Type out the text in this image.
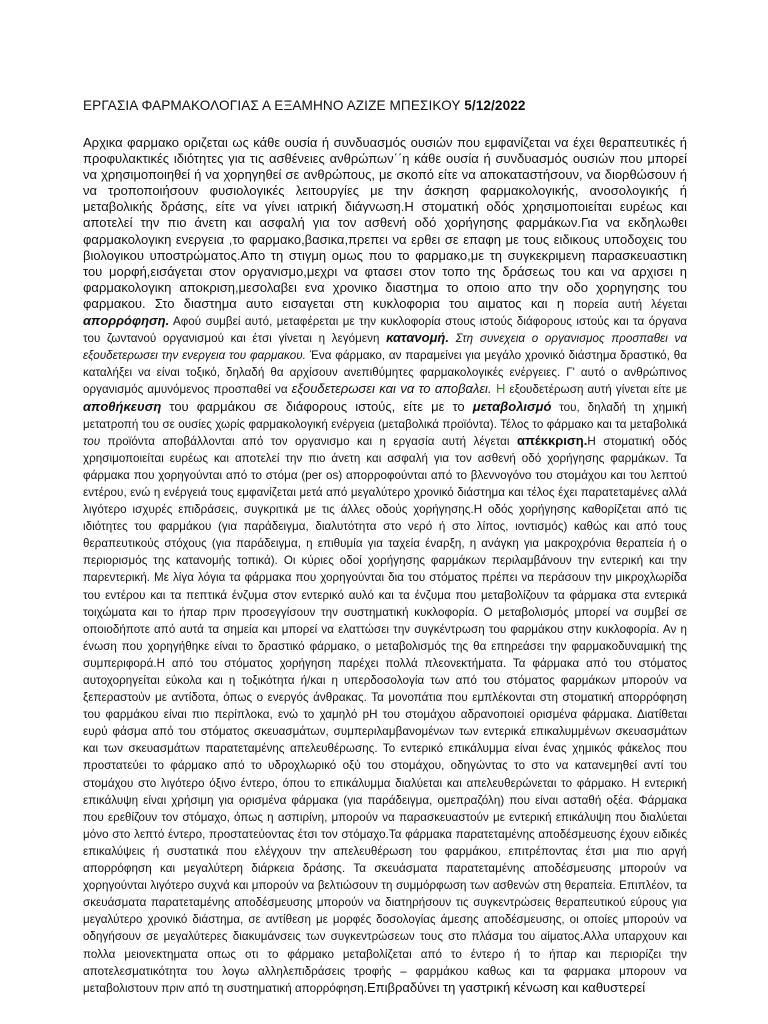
ΕΡΓΑΣΙΑ ΦΑΡΜΑΚΟΛΟΓΙΑΣ Α ΕΞΑΜΗΝΟ ΑΖΙΖΕ ΜΠΕΣΙΚΟΥ 5/12/2022
Αρχικα φαρμακο οριζεται ως κάθε ουσία ή συνδυασμός ουσιών που εμφανίζεται να έχει θεραπευτικές ή προφυλακτικές ιδιότητες για τις ασθένειες ανθρώπων΄΄η κάθε ουσία ή συνδυασμός ουσιών που μπορεί να χρησιμοποιηθεί ή να χορηγηθεί σε ανθρώπους, με σκοπό είτε να αποκαταστήσουν, να διορθώσουν ή να τροποποιήσουν φυσιολογικές λειτουργίες με την άσκηση φαρμακολογικής, ανοσολογικής ή μεταβολικής δράσης, είτε να γίνει ιατρική διάγνωση.Η στοματική οδός χρησιμοποιείται ευρέως και αποτελεί την πιο άνετη και ασφαλή για τον ασθενή οδό χορήγησης φαρμάκων.Για να εκδηλωθει φαρμακολογικη ενεργεια ,το φαρμακο,βασικα,πρεπει να ερθει σε επαφη με τους ειδικους υποδοχεις του βιολογικου υποστρώματος.Απο τη στιγμη ομως που το φαρμακο,με τη συγκεκριμενη παρασκευαστικη του μορφή,εισάγεται στον οργανισμο,μεχρι να φτασει στον τοπο της δράσεως του και να αρχισει η φαρμακολογικη αποκριση,μεσολαβει ενα χρονικο διαστημα το οποιο απο την οδο χορηγησης του φαρμακου. Στο διαστημα αυτο εισαγεται στη κυκλοφορια του αιματος και η πορεία αυτή λέγεται απορρόφηση. Αφού συμβεί αυτό, μεταφέρεται με την κυκλοφορία στους ιστούς διάφορους ιστούς και τα όργανα του ζωντανού οργανισμού και έτσι γίνεται η λεγόμενη κατανομή. Στη συνεχεια ο οργανισμος προσπαθει να εξουδετερωσει την ενεργεια του φαρμακου. Ένα φάρμακο, αν παραμείνει για μεγάλο χρονικό διάστημα δραστικό, θα καταλήξει να είναι τοξικό, δηλαδή θα αρχίσουν ανεπιθύμητες φαρμακολογικές ενέργειες. Γ' αυτό ο ανθρώπινος οργανισμός αμυνόμενος προσπαθεί να εξουδετερωσει και να το αποβαλει. Η εξουδετέρωση αυτή γίνεται είτε με αποθήκευση του φαρμάκου σε διάφορους ιστούς, είτε με το μεταβολισμό του, δηλαδή τη χημική μετατροπή του σε ουσίες χωρίς φαρμακολογική ενέργεια (μεταβολικά προϊόντα). Τέλος το φάρμακο και τα μεταβολικά του προϊόντα αποβάλλονται από τον οργανισμο και η εργασία αυτή λέγεται απέκκριση.Η στοματική οδός χρησιμοποιείται ευρέως και αποτελεί την πιο άνετη και ασφαλή για τον ασθενή οδό χορήγησης φαρμάκων. Τα φάρμακα που χορηγούνται από το στόμα (per os) απορροφούνται από το βλεννογόνο του στομάχου και του λεπτού εντέρου, ενώ η ενέργειά τους εμφανίζεται μετά από μεγαλύτερο χρονικό διάστημα και τέλος έχει παρατεταμένες αλλά λιγότερο ισχυρές επιδράσεις, συγκριτικά με τις άλλες οδούς χορήγησης.Η οδός χορήγησης καθορίζεται από τις ιδιότητες του φαρμάκου (για παράδειγμα, διαλυτότητα στο νερό ή στο λίπος, ιοντισμός) καθώς και από τους θεραπευτικούς στόχους (για παράδειγμα, η επιθυμία για ταχεία έναρξη, η ανάγκη για μακροχρόνια θεραπεία ή ο περιορισμός της κατανομής τοπικά). Οι κύριες οδοί χορήγησης φαρμάκων περιλαμβάνουν την εντερική και την παρεντερική. Με λίγα λόγια τα φάρμακα που χορηγούνται δια του στόματος πρέπει να περάσουν την μικροχλωρίδα του εντέρου και τα πεπτικά ένζυμα στον εντερικό αυλό και τα ένζυμα που μεταβολίζουν τα φάρμακα στα εντερικά τοιχώματα και το ήπαρ πριν προσεγγίσουν την συστηματική κυκλοφορία. Ο μεταβολισμός μπορεί να συμβεί σε οποιοδήποτε από αυτά τα σημεία και μπορεί να ελαττώσει την συγκέντρωση του φαρμάκου στην κυκλοφορία. Αν η ένωση που χορηγήθηκε είναι το δραστικό φάρμακο, ο μεταβολισμός της θα επηρεάσει την φαρμακοδυναμική της συμπεριφορά.Η από του στόματος χορήγηση παρέχει πολλά πλεονεκτήματα. Τα φάρμακα από του στόματος αυτοχορηγείται εύκολα και η τοξικότητα ή/και η υπερδοσολογία των από του στόματος φαρμάκων μπορούν να ξεπεραστούν με αντίδοτα, όπως ο ενεργός άνθρακας. Τα μονοπάτια που εμπλέκονται στη στοματική απορρόφηση του φαρμάκου είναι πιο περίπλοκα, ενώ το χαμηλό pH του στομάχου αδρανοποιεί ορισμένα φάρμακα. Διατίθεται ευρύ φάσμα από του στόματος σκευασμάτων, συμπεριλαμβανομένων των εντερικά επικαλυμμένων σκευασμάτων και των σκευασμάτων παρατεταμένης απελευθέρωσης. Το εντερικό επικάλυμμα είναι ένας χημικός φάκελος που προστατεύει το φάρμακο από το υδροχλωρικό οξύ του στομάχου, οδηγώντας το στο να κατανεμηθεί αντί του στομάχου στο λιγότερο όξινο έντερο, όπου το επικάλυμμα διαλύεται και απελευθερώνεται το φάρμακο. Η εντερική επικάλυψη είναι χρήσιμη για ορισμένα φάρμακα (για παράδειγμα, ομεπραζόλη) που είναι ασταθή οξέα. Φάρμακα που ερεθίζουν τον στόμαχο, όπως η ασπιρίνη, μπορούν να παρασκευαστούν με εντερική επικάλυψη που διαλύεται μόνο στο λεπτό έντερο, προστατεύοντας έτσι τον στόμαχο.Τα φάρμακα παρατεταμένης αποδέσμευσης έχουν ειδικές επικαλύψεις ή συστατικά που ελέγχουν την απελευθέρωση του φαρμάκου, επιτρέποντας έτσι μια πιο αργή απορρόφηση και μεγαλύτερη διάρκεια δράσης. Τα σκευάσματα παρατεταμένης αποδέσμευσης μπορούν να χορηγούνται λιγότερο συχνά και μπορούν να βελτιώσουν τη συμμόρφωση των ασθενών στη θεραπεία. Επιπλέον, τα σκευάσματα παρατεταμένης αποδέσμευσης μπορούν να διατηρήσουν τις συγκεντρώσεις θεραπευτικού εύρους για μεγαλύτερο χρονικό διάστημα, σε αντίθεση με μορφές δοσολογίας άμεσης αποδέσμευσης, οι οποίες μπορούν να οδηγήσουν σε μεγαλύτερες διακυμάνσεις των συγκεντρώσεων τους στο πλάσμα του αίματος.Αλλα υπαρχουν και πολλα μειονεκτηματα οπως οτι το φάρμακο μεταβολίζεται από το έντερο ή το ήπαρ και περιορίζει την αποτελεσματικότητα του λογω αλληλεπιδράσεις τροφής – φαρμάκου καθως και τα φαρμακα μπορουν να μεταβολιστουν πριν από τη συστηματική απορρόφηση.Επιβραδύνει τη γαστρική κένωση και καθυστερεί
